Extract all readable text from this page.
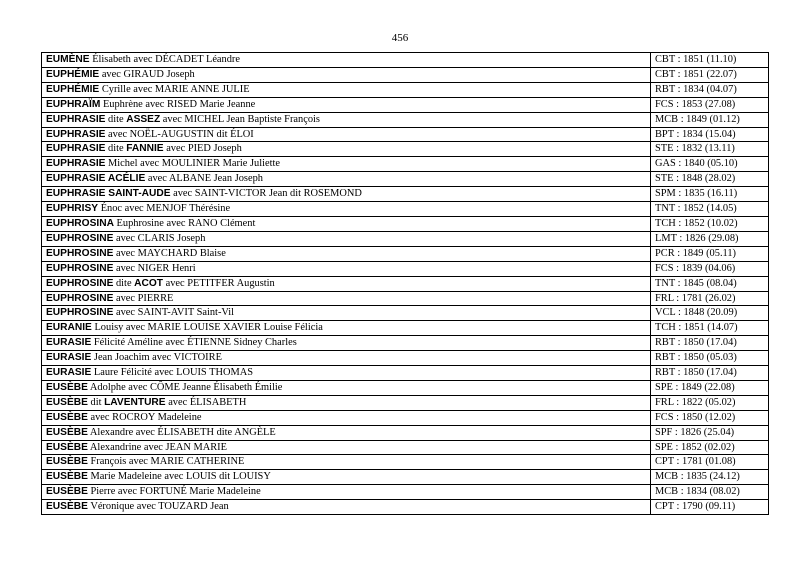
456
EUMÈNE Élisabeth avec DÉCADET Léandre	CBT : 1851 (11.10)
EUPHÉMIE avec GIRAUD Joseph	CBT : 1851 (22.07)
EUPHÉMIE Cyrille avec MARIE ANNE JULIE	RBT : 1834 (04.07)
EUPHRAÏM Euphrène avec RISED Marie Jeanne	FCS : 1853 (27.08)
EUPHRASIE dite ASSEZ avec MICHEL Jean Baptiste François	MCB : 1849 (01.12)
EUPHRASIE avec NOËL-AUGUSTIN dit ÉLOI	BPT : 1834 (15.04)
EUPHRASIE dite FANNIE avec PIED Joseph	STE : 1832 (13.11)
EUPHRASIE Michel avec MOULINIER Marie Juliette	GAS : 1840 (05.10)
EUPHRASIE ACÉLIE avec ALBANE Jean Joseph	STE : 1848 (28.02)
EUPHRASIE SAINT-AUDE avec SAINT-VICTOR Jean dit ROSEMOND	SPM : 1835 (16.11)
EUPHRISY Énoc avec MENJOF Thérésine	TNT : 1852 (14.05)
EUPHROSINA Euphrosine avec RANO Clément	TCH : 1852 (10.02)
EUPHROSINE avec CLARIS Joseph	LMT : 1826 (29.08)
EUPHROSINE avec MAYCHARD Blaise	PCR : 1849 (05.11)
EUPHROSINE avec NIGER Henri	FCS : 1839 (04.06)
EUPHROSINE dite ACOT avec PETITFER Augustin	TNT : 1845 (08.04)
EUPHROSINE avec PIERRE	FRL : 1781 (26.02)
EUPHROSINE avec SAINT-AVIT Saint-Vil	VCL : 1848 (20.09)
EURANIE Louisy avec MARIE LOUISE XAVIER Louise Félicia	TCH : 1851 (14.07)
EURASIE Félicité Améline avec ÉTIENNE Sidney Charles	RBT : 1850 (17.04)
EURASIE Jean Joachim avec VICTOIRE	RBT : 1850 (05.03)
EURASIE Laure Félicité avec LOUIS THOMAS	RBT : 1850 (17.04)
EUSÈBE Adolphe avec CÔME Jeanne Élisabeth Émilie	SPE : 1849 (22.08)
EUSÈBE dit LAVENTURE avec ÉLISABETH	FRL : 1822 (05.02)
EUSÈBE avec ROCROY Madeleine	FCS : 1850 (12.02)
EUSÈBE Alexandre avec ÉLISABETH dite ANGÈLE	SPF : 1826 (25.04)
EUSÈBE Alexandrine avec JEAN MARIE	SPE : 1852 (02.02)
EUSÈBE François avec MARIE CATHERINE	CPT : 1781 (01.08)
EUSÈBE Marie Madeleine avec LOUIS dit LOUISY	MCB : 1835 (24.12)
EUSÈBE Pierre avec FORTUNÉ Marie Madeleine	MCB : 1834 (08.02)
EUSÈBE Véronique avec TOUZARD Jean	CPT : 1790 (09.11)
